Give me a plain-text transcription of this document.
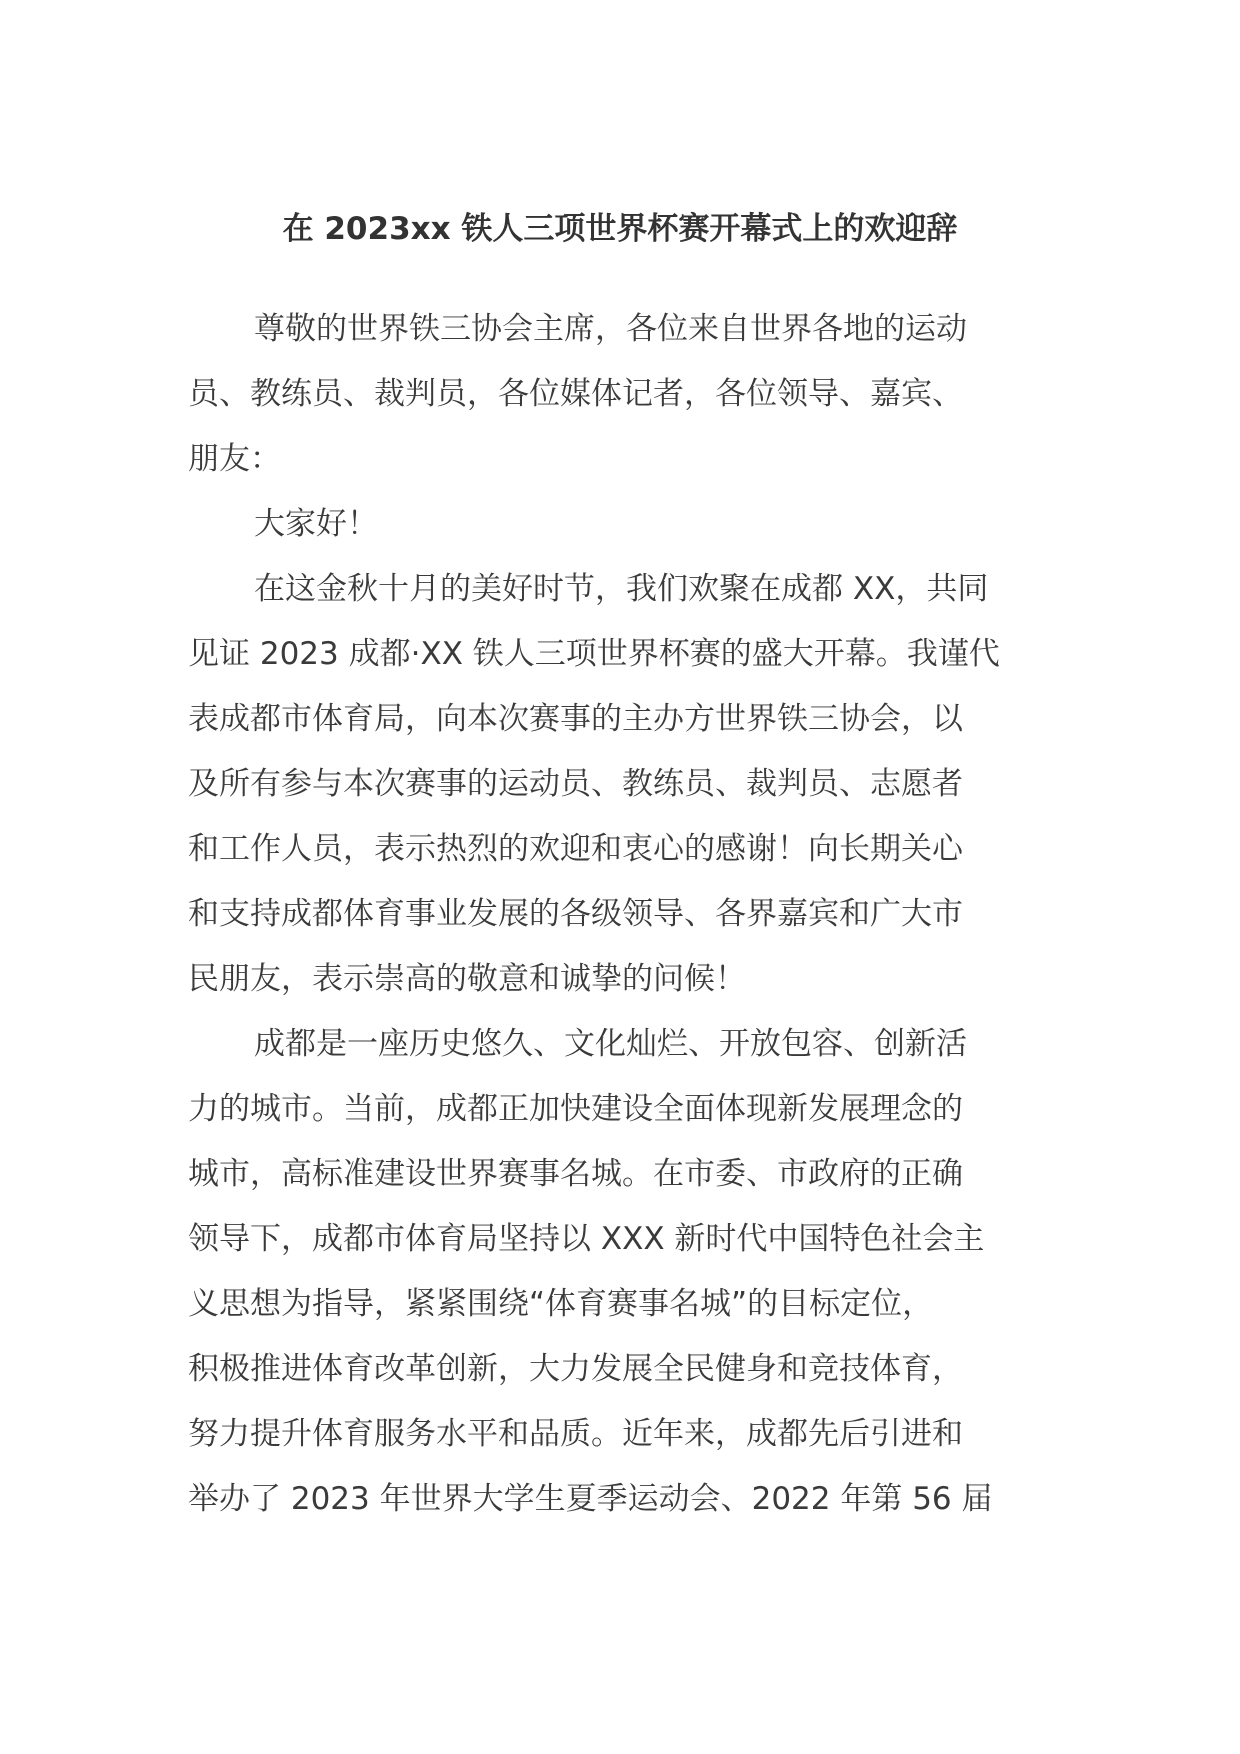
在 2023xx 铁人三项世界杯赛开幕式上的欢迎辞

尊敬的世界铁三协会主席，各位来自世界各地的运动

员、教练员、裁判员，各位媒体记者，各位领导、嘉宾、

朋友：

大家好！

在这金秋十月的美好时节，我们欢聚在成都 XX，共同

见证 2023 成都·XX 铁人三项世界杯赛的盛大开幕。我谨代

表成都市体育局，向本次赛事的主办方世界铁三协会，以

及所有参与本次赛事的运动员、教练员、裁判员、志愿者

和工作人员，表示热烈的欢迎和衷心的感谢！向长期关心

和支持成都体育事业发展的各级领导、各界嘉宾和广大市

民朋友，表示崇高的敬意和诚挚的问候！

成都是一座历史悠久、文化灿烂、开放包容、创新活

力的城市。当前，成都正加快建设全面体现新发展理念的

城市，高标准建设世界赛事名城。在市委、市政府的正确

领导下，成都市体育局坚持以 XXX 新时代中国特色社会主

义思想为指导，紧紧围绕“体育赛事名城”的目标定位，

积极推进体育改革创新，大力发展全民健身和竞技体育，

努力提升体育服务水平和品质。近年来，成都先后引进和

举办了 2023 年世界大学生夏季运动会、2022 年第 56 届
